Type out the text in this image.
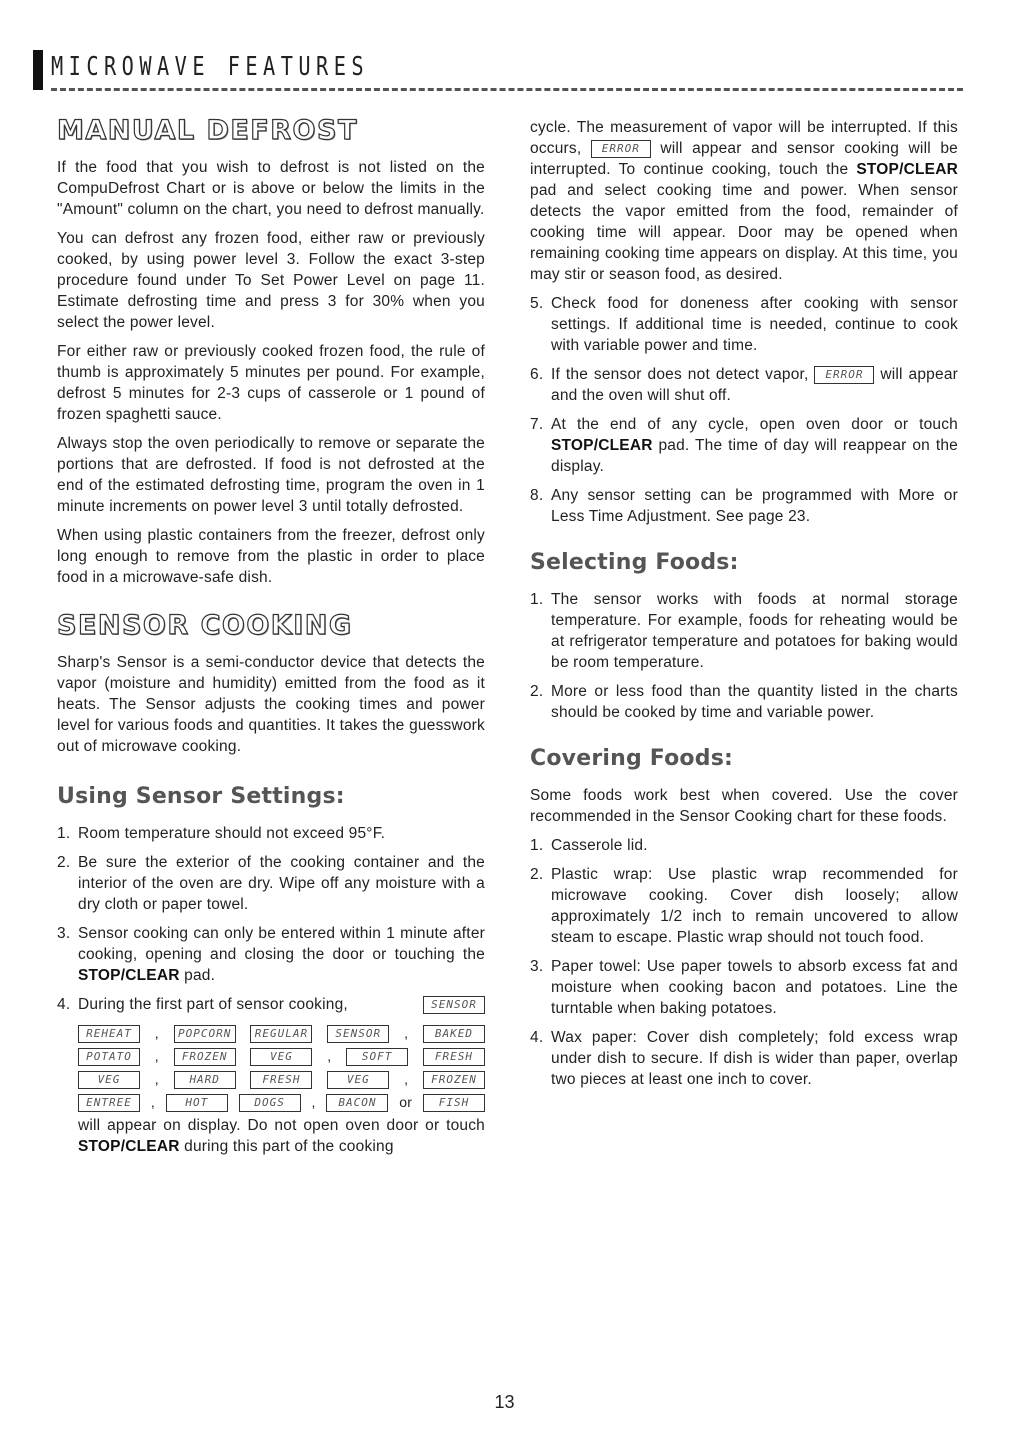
MICROWAVE FEATURES
MANUAL DEFROST

If the food that you wish to defrost is not listed on the CompuDefrost Chart or is above or below the limits in the "Amount" column on the chart, you need to defrost manually.

You can defrost any frozen food, either raw or previously cooked, by using power level 3. Follow the exact 3-step procedure found under To Set Power Level on page 11. Estimate defrosting time and press 3 for 30% when you select the power level.

For either raw or previously cooked frozen food, the rule of thumb is approximately 5 minutes per pound. For example, defrost 5 minutes for 2-3 cups of casserole or 1 pound of frozen spaghetti sauce.

Always stop the oven periodically to remove or separate the portions that are defrosted. If food is not defrosted at the end of the estimated defrosting time, program the oven in 1 minute increments on power level 3 until totally defrosted.

When using plastic containers from the freezer, defrost only long enough to remove from the plastic in order to place food in a microwave-safe dish.

SENSOR COOKING

Sharp's Sensor is a semi-conductor device that detects the vapor (moisture and humidity) emitted from the food as it heats. The Sensor adjusts the cooking times and power level for various foods and quantities. It takes the guesswork out of microwave cooking.

Using Sensor Settings:
1. Room temperature should not exceed 95°F.
2. Be sure the exterior of the cooking container and the interior of the oven are dry. Wipe off any moisture with a dry cloth or paper towel.
3. Sensor cooking can only be entered within 1 minute after cooking, opening and closing the door or touching the STOP/CLEAR pad.
4. During the first part of sensor cooking,	SENSOR
REHEAT	,	POPCORN	REGULAR	SENSOR	,	BAKED
POTATO	,	FROZEN	VEG	,	SOFT	FRESH
VEG	,	HARD	FRESH	VEG	,	FROZEN
ENTREE	,	HOT	DOGS	,	BACON	or	FISH

will appear on display. Do not open oven door or touch STOP/CLEAR during this part of the cooking

cycle. The measurement of vapor will be interrupted. If this occurs, ERROR will appear and sensor cooking will be interrupted. To continue cooking, touch the STOP/CLEAR pad and select cooking time and power. When sensor detects the vapor emitted from the food, remainder of cooking time will appear. Door may be opened when remaining cooking time appears on display. At this time, you may stir or season food, as desired.

5. Check food for doneness after cooking with sensor settings. If additional time is needed, continue to cook with variable power and time.
6. If the sensor does not detect vapor, ERROR will appear and the oven will shut off.
7. At the end of any cycle, open oven door or touch STOP/CLEAR pad. The time of day will reappear on the display.
8. Any sensor setting can be programmed with More or Less Time Adjustment. See page 23.
Selecting Foods:
1. The sensor works with foods at normal storage temperature. For example, foods for reheating would be at refrigerator temperature and potatoes for baking would be room temperature.
2. More or less food than the quantity listed in the charts should be cooked by time and variable power.
Covering Foods:

Some foods work best when covered. Use the cover recommended in the Sensor Cooking chart for these foods.

1. Casserole lid.
2. Plastic wrap: Use plastic wrap recommended for microwave cooking. Cover dish loosely; allow approximately 1/2 inch to remain uncovered to allow steam to escape. Plastic wrap should not touch food.
3. Paper towel: Use paper towels to absorb excess fat and moisture when cooking bacon and potatoes. Line the turntable when baking potatoes.
4. Wax paper: Cover dish completely; fold excess wrap under dish to secure. If dish is wider than paper, overlap two pieces at least one inch to cover.
13
